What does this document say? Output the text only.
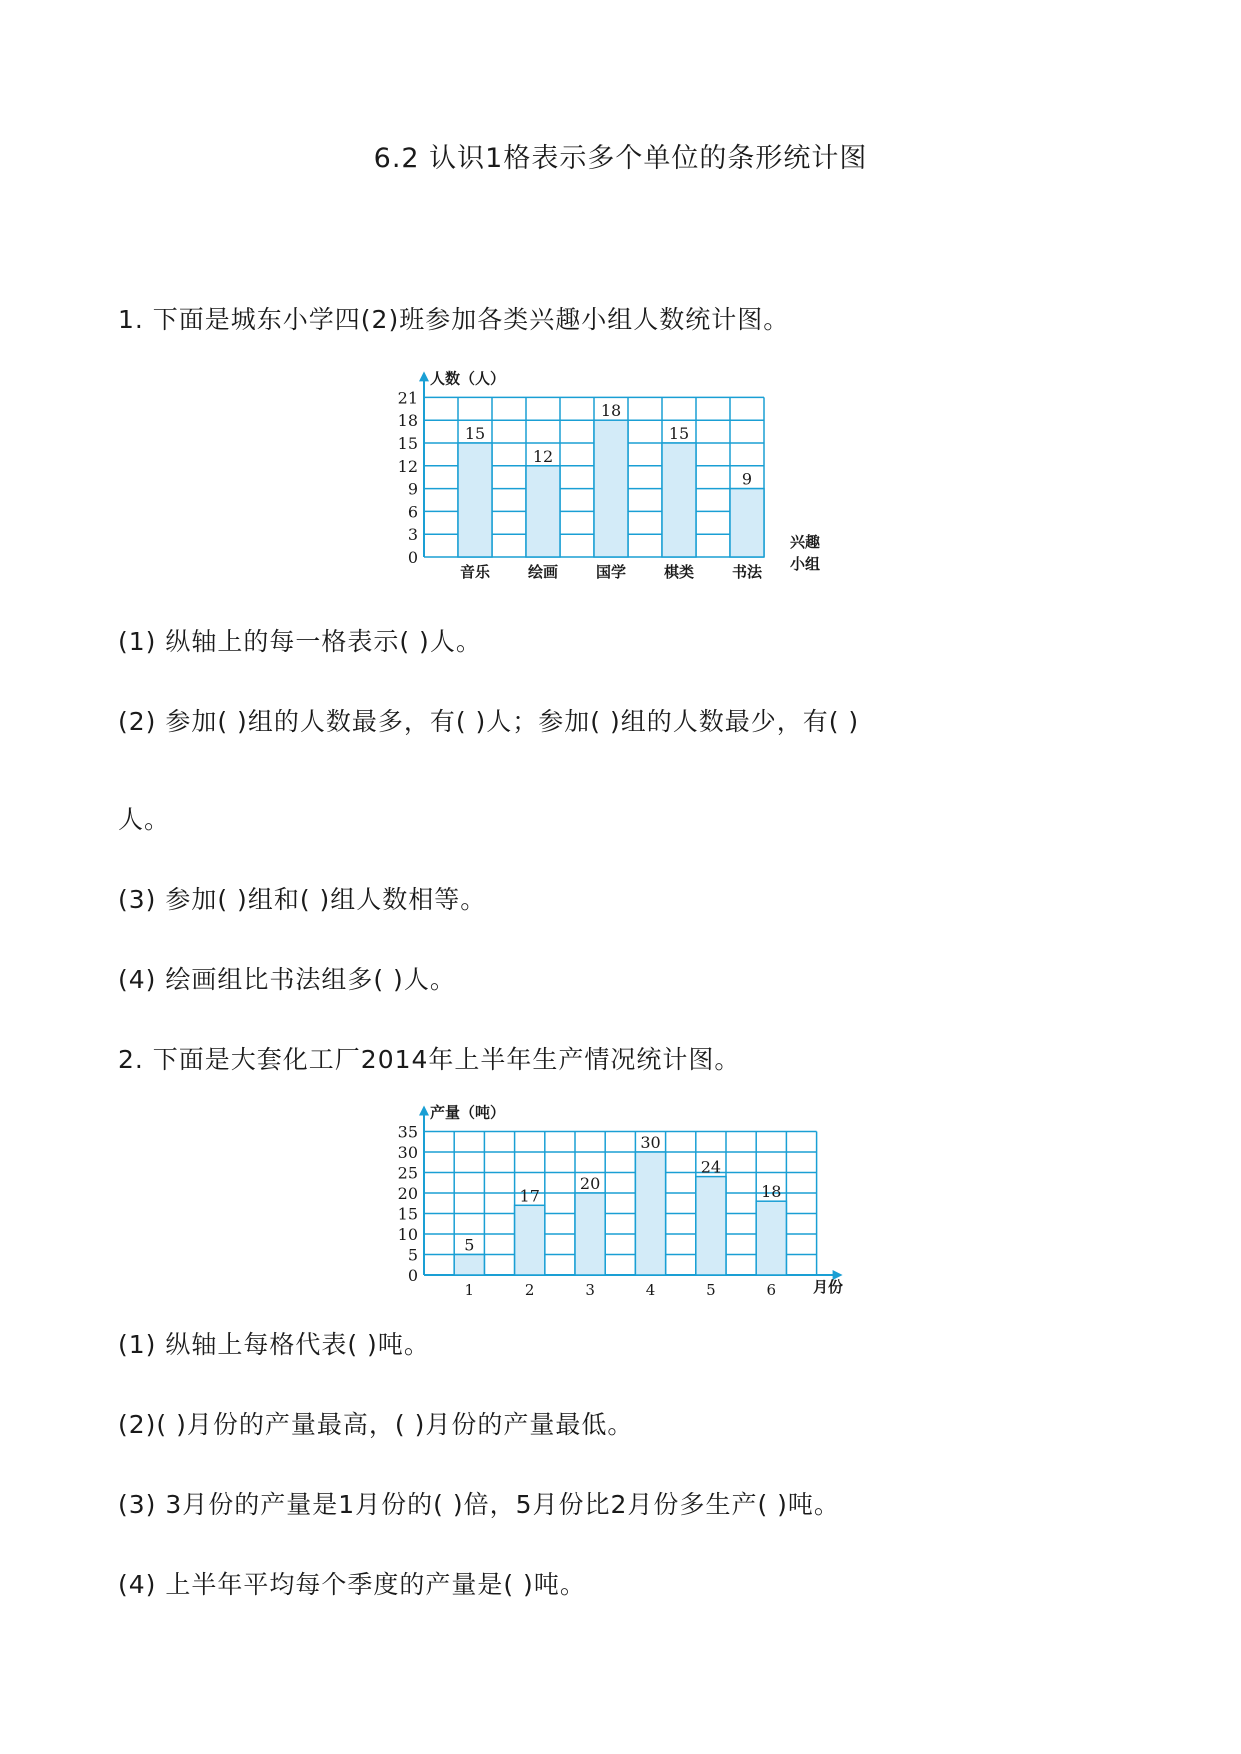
6.2 认识1格表示多个单位的条形统计图
1. 下面是城东小学四(2)班参加各类兴趣小组人数统计图。
人数（人）
0
3
6
9
12
15
18
21
15
音乐
12
绘画
18
国学
15
棋类
9
书法
兴趣
小组
(1) 纵轴上的每一格表示( )人。
(2) 参加( )组的人数最多，有( )人；参加( )组的人数最少，有( )
人。
(3) 参加( )组和( )组人数相等。
(4) 绘画组比书法组多( )人。
2. 下面是大套化工厂2014年上半年生产情况统计图。
产量（吨）
0
5
10
15
20
25
30
35
5
1
17
2
20
3
30
4
24
5
18
6 月份
(1) 纵轴上每格代表( )吨。
(2)( )月份的产量最高，( )月份的产量最低。
(3) 3月份的产量是1月份的( )倍，5月份比2月份多生产( )吨。
(4) 上半年平均每个季度的产量是( )吨。
